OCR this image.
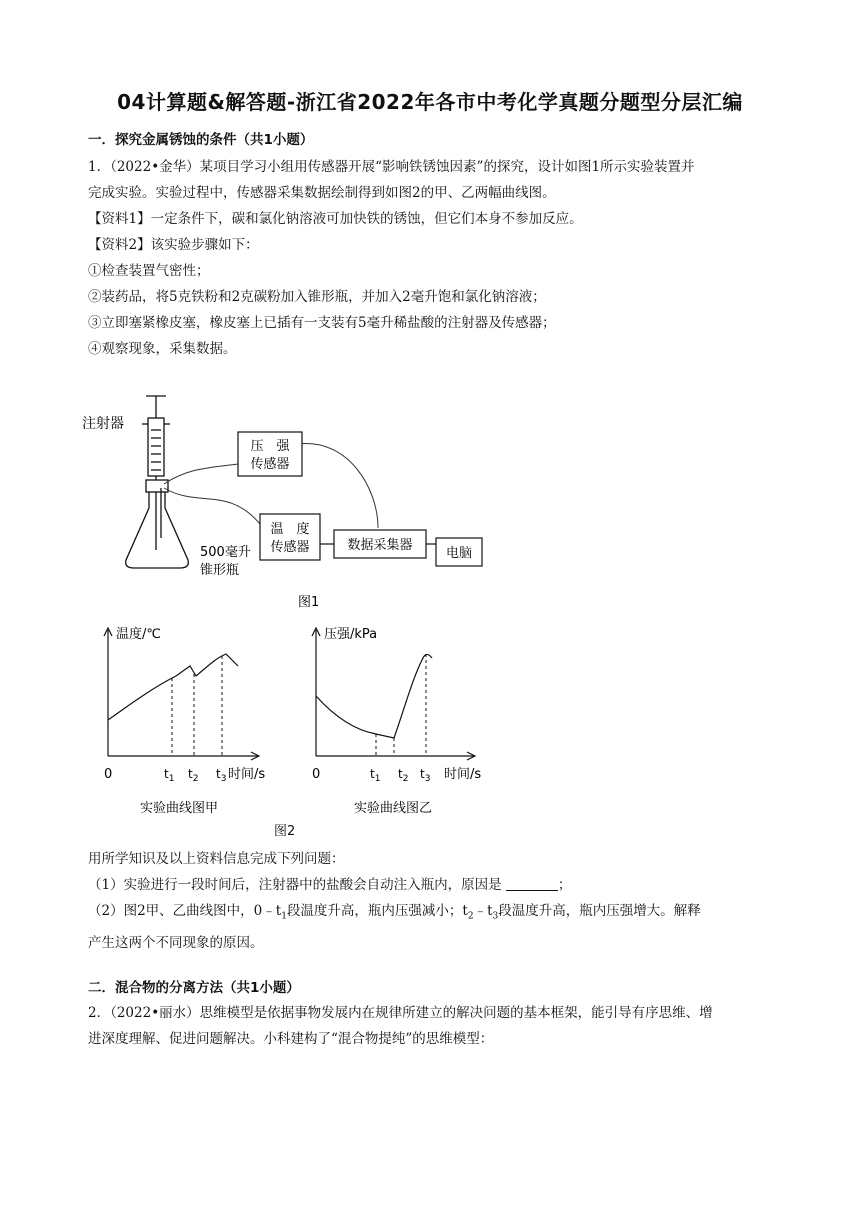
04计算题&解答题-浙江省2022年各市中考化学真题分题型分层汇编
一．探究金属锈蚀的条件（共1小题）
1．（2022•金华）某项目学习小组用传感器开展“影响铁锈蚀因素”的探究，设计如图1所示实验装置并
完成实验。实验过程中，传感器采集数据绘制得到如图2的甲、乙两幅曲线图。
【资料1】一定条件下，碳和氯化钠溶液可加快铁的锈蚀，但它们本身不参加反应。
【资料2】该实验步骤如下：
①检查装置气密性；
②装药品，将5克铁粉和2克碳粉加入锥形瓶，并加入2毫升饱和氯化钠溶液；
③立即塞紧橡皮塞，橡皮塞上已插有一支装有5毫升稀盐酸的注射器及传感器；
④观察现象，采集数据。
注射器
压　强
传感器
温　度
传感器	数据采集器
电脑
500毫升
锥形瓶
图1
温度/℃
0	$t_1$ $t_2$ $t_3$ 时间/s
实验曲线图甲
压强/kPa
0	$t_1$ $t_2$ $t_3$ 时间/s
实验曲线图乙
图2
用所学知识及以上资料信息完成下列问题：
（1）实验进行一段时间后，注射器中的盐酸会自动注入瓶内，原因是	；
（2）图2甲、乙曲线图中，$0﹣t_1$段温度升高，瓶内压强减小；$t_2﹣t_3$段温度升高，瓶内压强增大。解释
产生这两个不同现象的原因。
二．混合物的分离方法（共1小题）
2．（2022•丽水）思维模型是依据事物发展内在规律所建立的解决问题的基本框架，能引导有序思维、增
进深度理解、促进问题解决。小科建构了“混合物提纯”的思维模型：
